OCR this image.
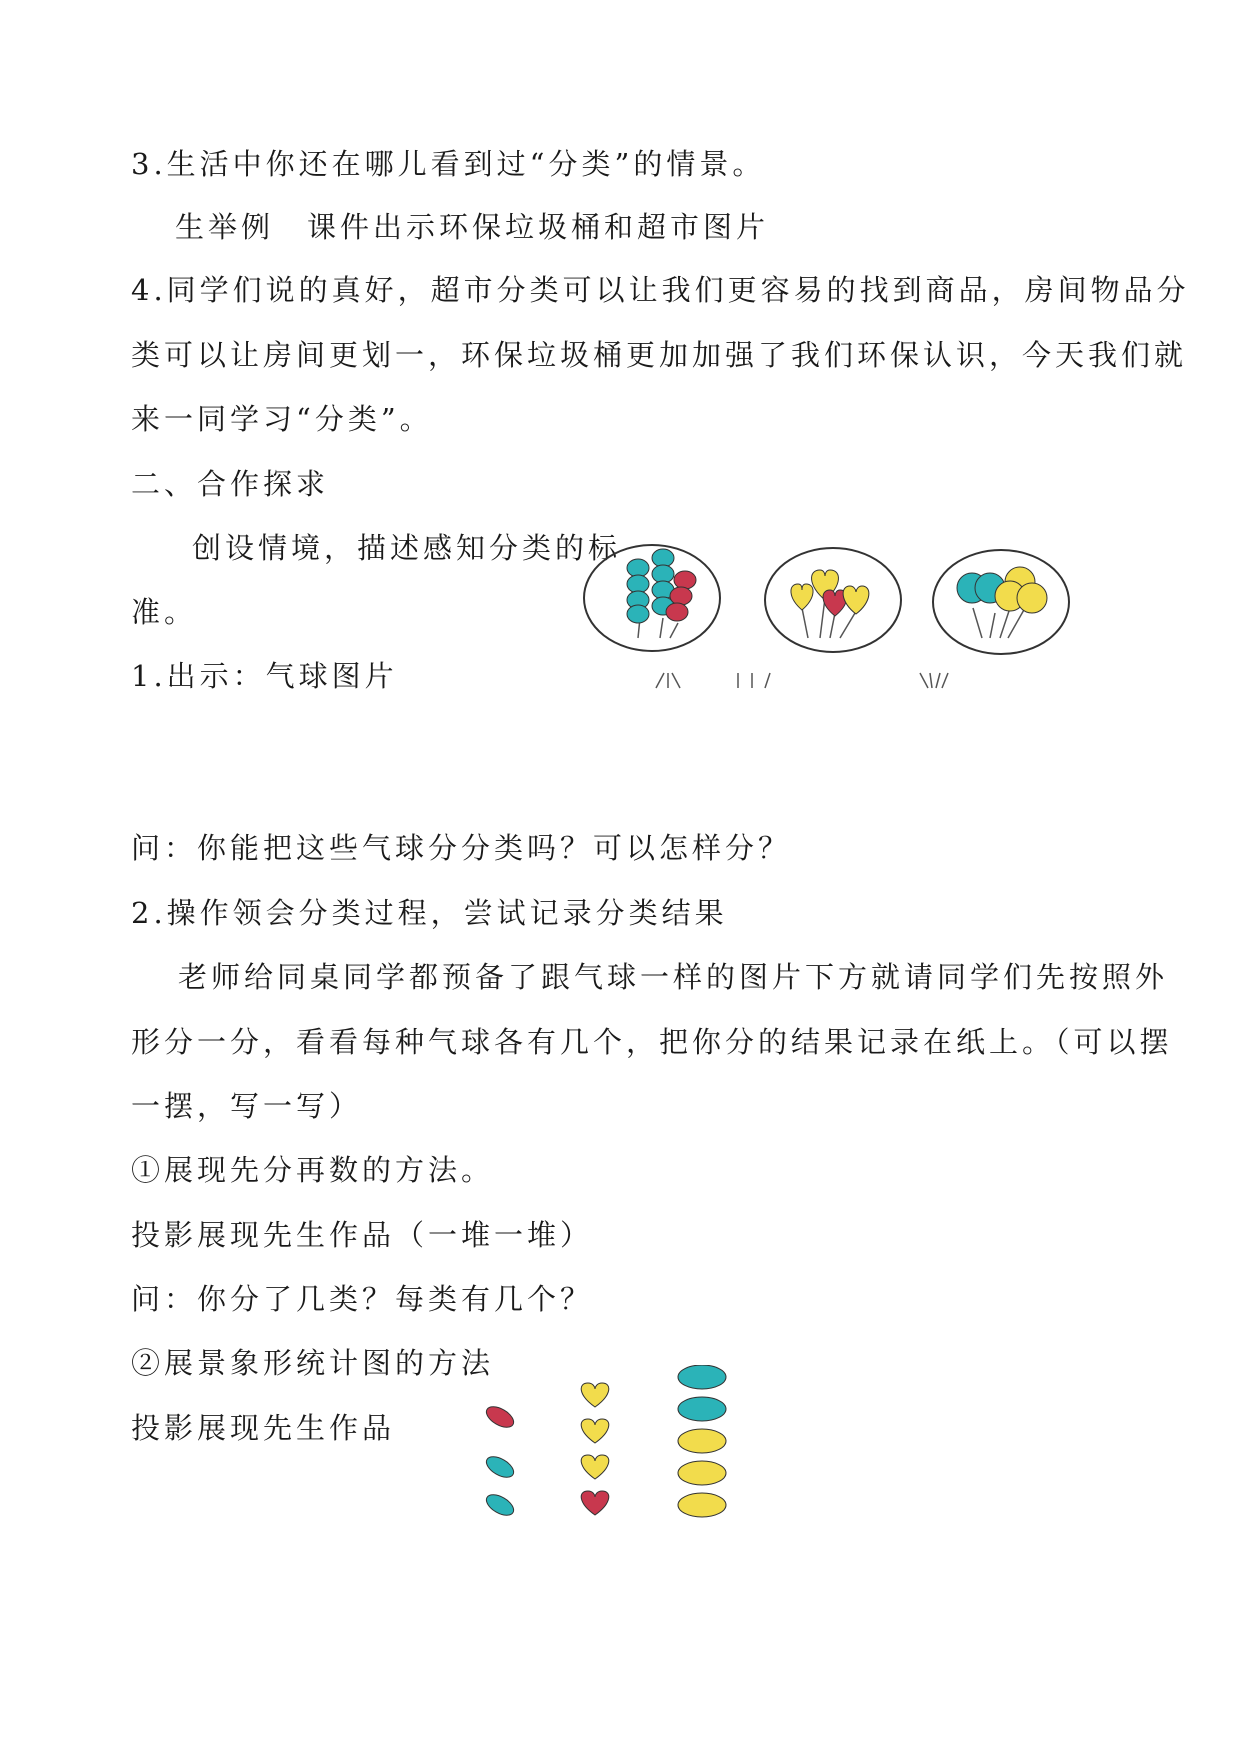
3.生活中你还在哪儿看到过“分类”的情景。
生举例　课件出示环保垃圾桶和超市图片
4.同学们说的真好，超市分类可以让我们更容易的找到商品，房间物品分
类可以让房间更划一，环保垃圾桶更加加强了我们环保认识，今天我们就
来一同学习“分类”。
二、合作探求
创设情境，描述感知分类的标
准。
1.出示：气球图片
问：你能把这些气球分分类吗？可以怎样分？
2.操作领会分类过程，尝试记录分类结果
老师给同桌同学都预备了跟气球一样的图片下方就请同学们先按照外
形分一分，看看每种气球各有几个，把你分的结果记录在纸上。（可以摆
一摆，写一写）
①展现先分再数的方法。
投影展现先生作品（一堆一堆）
问：你分了几类？每类有几个？
②展景象形统计图的方法
投影展现先生作品
